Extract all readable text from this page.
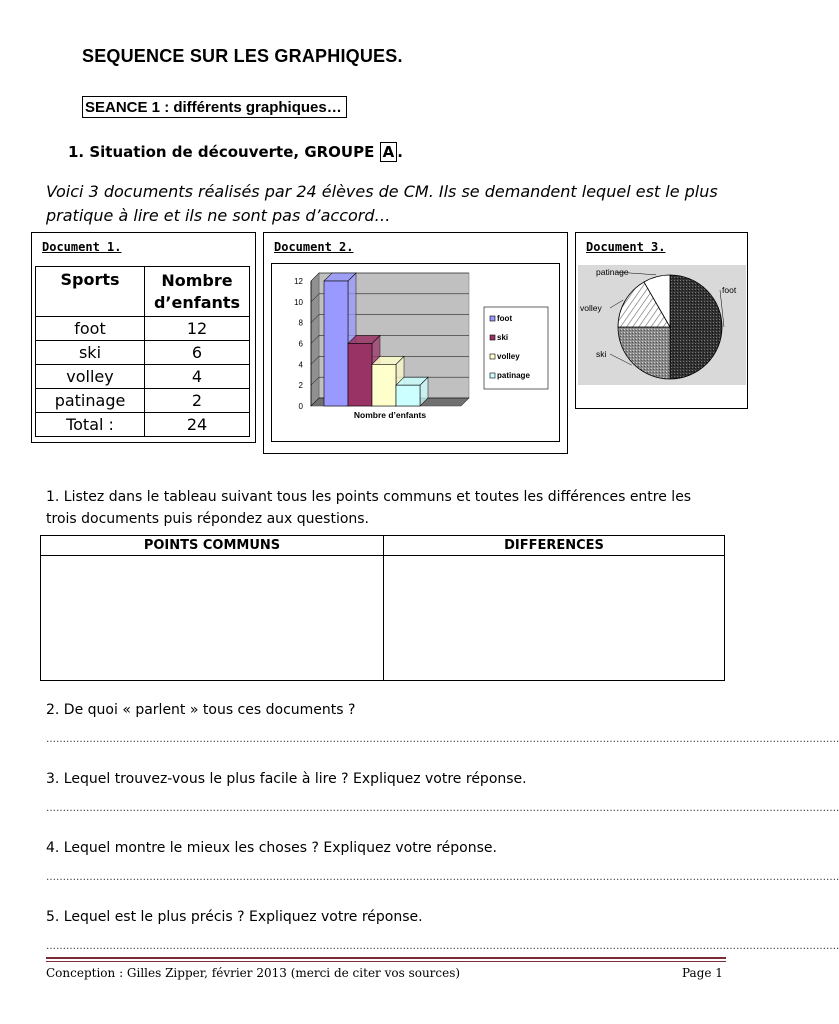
SEQUENCE SUR LES GRAPHIQUES.
SEANCE 1 : différents graphiques…
1. Situation de découverte, GROUPE A .
Voici 3 documents réalisés par 24 élèves de CM. Ils se demandent lequel est le plus pratique à lire et ils ne sont pas d’accord…
Document 1.
Sports	Nombre d’enfants
foot	12
ski	6
volley	4
patinage	2
Total :	24
Document 2.
0
2
4
6
8
10
12
Nombre d’enfants
foot
ski
volley
patinage
Document 3.
foot
ski
volley
patinage
1. Listez dans le tableau suivant tous les points communs et toutes les différences entre les trois documents puis répondez aux questions.
POINTS COMMUNS	DIFFERENCES

2. De quoi « parlent » tous ces documents ?
………………………………………………………………………………………………………………………………………………………………………………………………………………….
3. Lequel trouvez-vous le plus facile à lire ? Expliquez votre réponse.
………………………………………………………………………………………………………………………………………………………………………………………………………………….
4. Lequel montre le mieux les choses ? Expliquez votre réponse.
………………………………………………………………………………………………………………………………………………………………………………………………………………….
5. Lequel est le plus précis ? Expliquez votre réponse.
………………………………………………………………………………………………………………………………………………………………………………………………………………….
Conception : Gilles Zipper, février 2013 (merci de citer vos sources)	Page 1
